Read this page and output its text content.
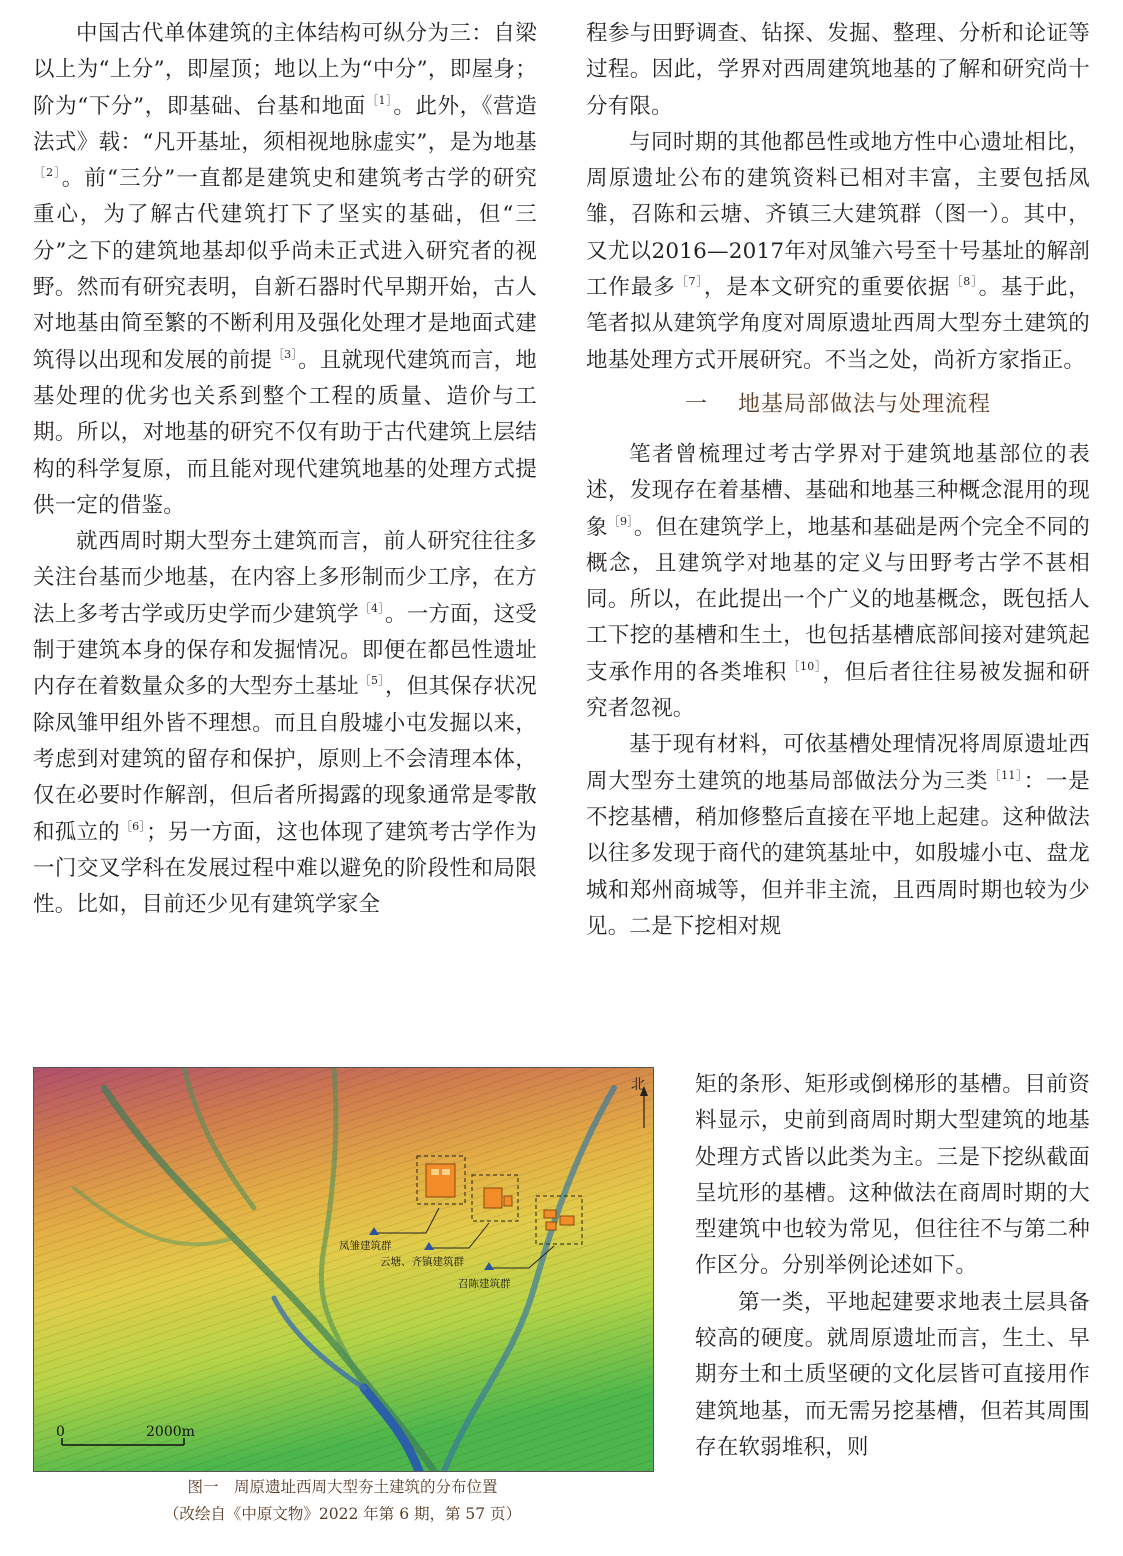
中国古代单体建筑的主体结构可纵分为三：自梁以上为“上分”，即屋顶；地以上为“中分”，即屋身；阶为“下分”，即基础、台基和地面$^{[1]}$。此外，《营造法式》载：“凡开基址，须相视地脉虚实”，是为地基$^{[2]}$。前“三分”一直都是建筑史和建筑考古学的研究重心，为了解古代建筑打下了坚实的基础，但“三分”之下的建筑地基却似乎尚未正式进入研究者的视野。然而有研究表明，自新石器时代早期开始，古人对地基由简至繁的不断利用及强化处理才是地面式建筑得以出现和发展的前提$^{[3]}$。且就现代建筑而言，地基处理的优劣也关系到整个工程的质量、造价与工期。所以，对地基的研究不仅有助于古代建筑上层结构的科学复原，而且能对现代建筑地基的处理方式提供一定的借鉴。

就西周时期大型夯土建筑而言，前人研究往往多关注台基而少地基，在内容上多形制而少工序，在方法上多考古学或历史学而少建筑学$^{[4]}$。一方面，这受制于建筑本身的保存和发掘情况。即便在都邑性遗址内存在着数量众多的大型夯土基址$^{[5]}$，但其保存状况除凤雏甲组外皆不理想。而且自殷墟小屯发掘以来，考虑到对建筑的留存和保护，原则上不会清理本体，仅在必要时作解剖，但后者所揭露的现象通常是零散和孤立的$^{[6]}$；另一方面，这也体现了建筑考古学作为一门交叉学科在发展过程中难以避免的阶段性和局限性。比如，目前还少见有建筑学家全

程参与田野调查、钻探、发掘、整理、分析和论证等过程。因此，学界对西周建筑地基的了解和研究尚十分有限。

与同时期的其他都邑性或地方性中心遗址相比，周原遗址公布的建筑资料已相对丰富，主要包括凤雏，召陈和云塘、齐镇三大建筑群（图一）。其中，又尤以2016—2017年对凤雏六号至十号基址的解剖工作最多$^{[7]}$，是本文研究的重要依据$^{[8]}$。基于此，笔者拟从建筑学角度对周原遗址西周大型夯土建筑的地基处理方式开展研究。不当之处，尚祈方家指正。

一 地基局部做法与处理流程

笔者曾梳理过考古学界对于建筑地基部位的表述，发现存在着基槽、基础和地基三种概念混用的现象$^{[9]}$。但在建筑学上，地基和基础是两个完全不同的概念，且建筑学对地基的定义与田野考古学不甚相同。所以，在此提出一个广义的地基概念，既包括人工下挖的基槽和生土，也包括基槽底部间接对建筑起支承作用的各类堆积$^{[10]}$，但后者往往易被发掘和研究者忽视。

基于现有材料，可依基槽处理情况将周原遗址西周大型夯土建筑的地基局部做法分为三类$^{[11]}$：一是不挖基槽，稍加修整后直接在平地上起建。这种做法以往多发现于商代的建筑基址中，如殷墟小屯、盘龙城和郑州商城等，但并非主流，且西周时期也较为少见。二是下挖相对规

北
凤雏建筑群
云塘、齐镇建筑群
召陈建筑群
0	2000m
图一　周原遗址西周大型夯土建筑的分布位置
（改绘自《中原文物》2022 年第 6 期，第 57 页）

矩的条形、矩形或倒梯形的基槽。目前资料显示，史前到商周时期大型建筑的地基处理方式皆以此类为主。三是下挖纵截面呈坑形的基槽。这种做法在商周时期的大型建筑中也较为常见，但往往不与第二种作区分。分别举例论述如下。

第一类，平地起建要求地表土层具备较高的硬度。就周原遗址而言，生土、早期夯土和土质坚硬的文化层皆可直接用作建筑地基，而无需另挖基槽，但若其周围存在软弱堆积，则
